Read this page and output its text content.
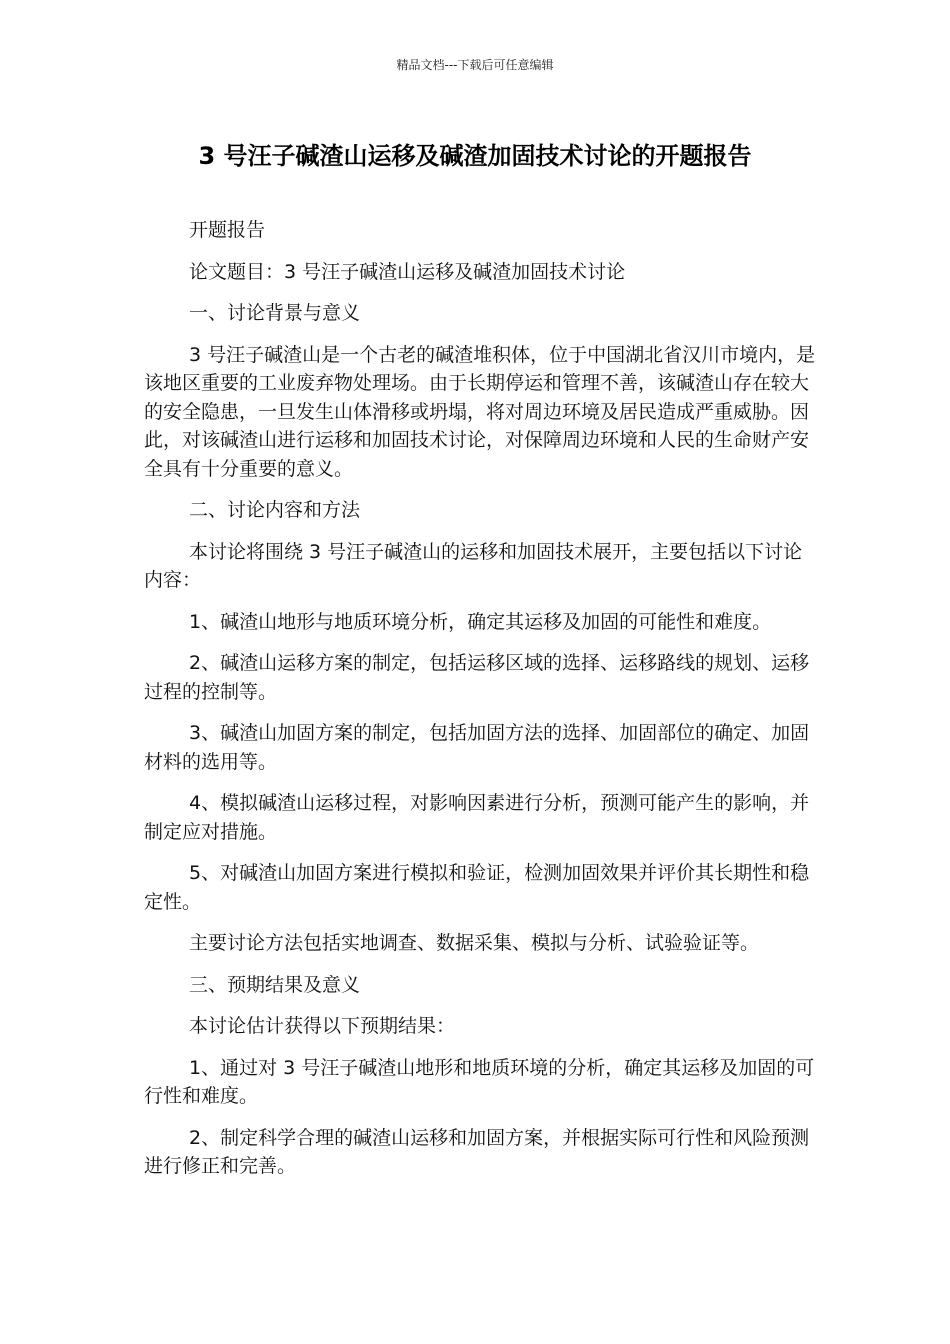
精品文档---下载后可任意编辑
3 号汪子碱渣山运移及碱渣加固技术讨论的开题报告

开题报告

论文题目：3 号汪子碱渣山运移及碱渣加固技术讨论

一、讨论背景与意义

3 号汪子碱渣山是一个古老的碱渣堆积体，位于中国湖北省汉川市境内，是该地区重要的工业废弃物处理场。由于长期停运和管理不善，该碱渣山存在较大的安全隐患，一旦发生山体滑移或坍塌，将对周边环境及居民造成严重威胁。因此，对该碱渣山进行运移和加固技术讨论，对保障周边环境和人民的生命财产安全具有十分重要的意义。

二、讨论内容和方法

本讨论将围绕 3 号汪子碱渣山的运移和加固技术展开，主要包括以下讨论内容：

1、碱渣山地形与地质环境分析，确定其运移及加固的可能性和难度。

2、碱渣山运移方案的制定，包括运移区域的选择、运移路线的规划、运移过程的控制等。

3、碱渣山加固方案的制定，包括加固方法的选择、加固部位的确定、加固材料的选用等。

4、模拟碱渣山运移过程，对影响因素进行分析，预测可能产生的影响，并制定应对措施。

5、对碱渣山加固方案进行模拟和验证，检测加固效果并评价其长期性和稳定性。

主要讨论方法包括实地调查、数据采集、模拟与分析、试验验证等。

三、预期结果及意义

本讨论估计获得以下预期结果：

1、通过对 3 号汪子碱渣山地形和地质环境的分析，确定其运移及加固的可行性和难度。

2、制定科学合理的碱渣山运移和加固方案，并根据实际可行性和风险预测进行修正和完善。
